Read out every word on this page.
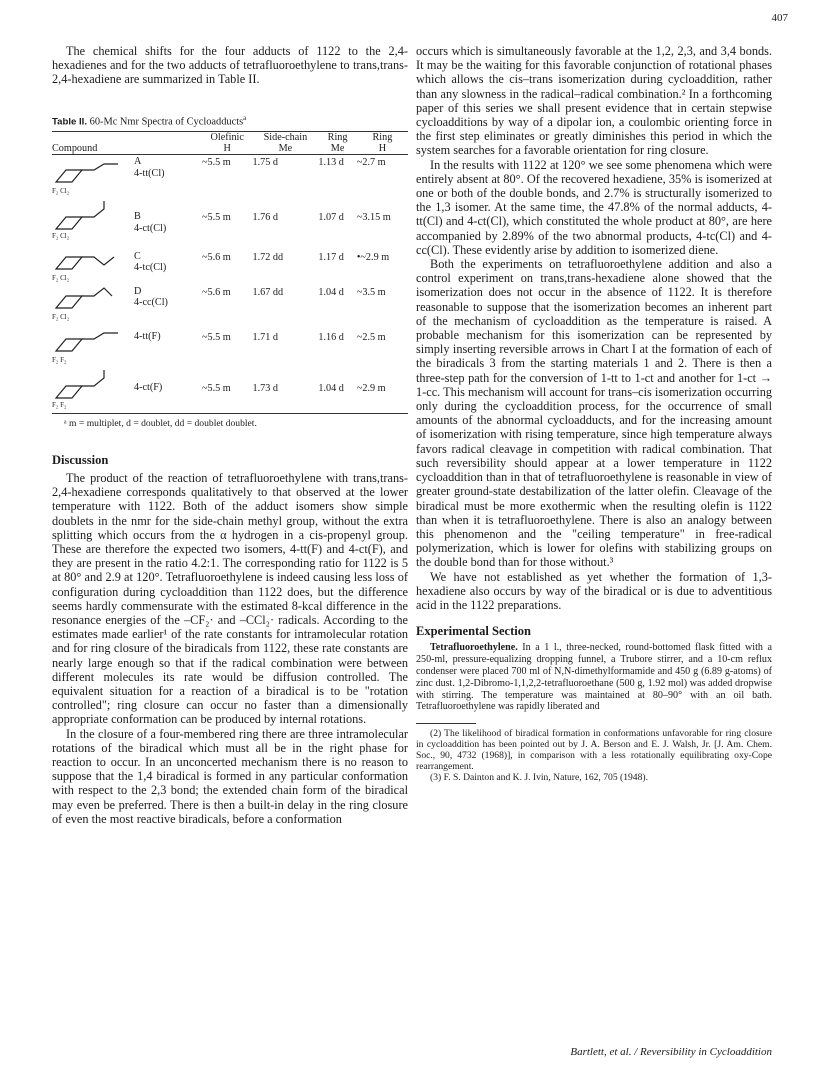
407

The chemical shifts for the four adducts of 1122 to the 2,4-hexadienes and for the two adducts of tetrafluoroethylene to trans,trans-2,4-hexadiene are summarized in Table II.

Table II. 60-Mc Nmr Spectra of Cycloadducts$^a$

Compound	Olefinic	Side-chain	Ring	Ring
	H	Me	Me	H

F₂ Cl₂
A
4-tt(Cl)	~5.5 m	1.75 d	1.13 d	~2.7 m

F₂ Cl₂
B
4-ct(Cl)	~5.5 m	1.76 d	1.07 d	~3.15 m

F₂ Cl₂
C
4-tc(Cl)	~5.6 m	1.72 dd	1.17 d	•~2.9 m

F₂ Cl₂
D
4-cc(Cl)	~5.6 m	1.67 dd	1.04 d	~3.5 m

F₂ F₂
4-tt(F)	~5.5 m	1.71 d	1.16 d	~2.5 m

F₂ F₂
4-ct(F)	~5.5 m	1.73 d	1.04 d	~2.9 m

ᵃ m = multiplet, d = doublet, dd = doublet doublet.
Discussion

The product of the reaction of tetrafluoroethylene with trans,trans-2,4-hexadiene corresponds qualitatively to that observed at the lower temperature with 1122. Both of the adduct isomers show simple doublets in the nmr for the side-chain methyl group, without the extra splitting which occurs from the α hydrogen in a cis-propenyl group. These are therefore the expected two isomers, 4-tt(F) and 4-ct(F), and they are present in the ratio 4.2:1. The corresponding ratio for 1122 is 5 at 80° and 2.9 at 120°. Tetrafluoroethylene is indeed causing less loss of configuration during cycloaddition than 1122 does, but the difference seems hardly commensurate with the estimated 8-kcal difference in the resonance energies of the –CF₂· and –CCl₂· radicals. According to the estimates made earlier¹ of the rate constants for intramolecular rotation and for ring closure of the biradicals from 1122, these rate constants are nearly large enough so that if the radical combination were between different molecules its rate would be diffusion controlled. The equivalent situation for a reaction of a biradical is to be "rotation controlled"; ring closure can occur no faster than a dimensionally appropriate conformation can be produced by internal rotations.

In the closure of a four-membered ring there are three intramolecular rotations of the biradical which must all be in the right phase for reaction to occur. In an unconcerted mechanism there is no reason to suppose that the 1,4 biradical is formed in any particular conformation with respect to the 2,3 bond; the extended chain form of the biradical may even be preferred. There is then a built-in delay in the ring closure of even the most reactive biradicals, before a conformation

occurs which is simultaneously favorable at the 1,2, 2,3, and 3,4 bonds. It may be the waiting for this favorable conjunction of rotational phases which allows the cis–trans isomerization during cycloaddition, rather than any slowness in the radical–radical combination.² In a forthcoming paper of this series we shall present evidence that in certain stepwise cycloadditions by way of a dipolar ion, a coulombic orienting force in the first step eliminates or greatly diminishes this period in which the system searches for a favorable orientation for ring closure.

In the results with 1122 at 120° we see some phenomena which were entirely absent at 80°. Of the recovered hexadiene, 35% is isomerized at one or both of the double bonds, and 2.7% is structurally isomerized to the 1,3 isomer. At the same time, the 47.8% of the normal adducts, 4-tt(Cl) and 4-ct(Cl), which constituted the whole product at 80°, are here accompanied by 2.89% of the two abnormal products, 4-tc(Cl) and 4-cc(Cl). These evidently arise by addition to isomerized diene.

Both the experiments on tetrafluoroethylene addition and also a control experiment on trans,trans-hexadiene alone showed that the isomerization does not occur in the absence of 1122. It is therefore reasonable to suppose that the isomerization becomes an inherent part of the mechanism of cycloaddition as the temperature is raised. A probable mechanism for this isomerization can be represented by simply inserting reversible arrows in Chart I at the formation of each of the biradicals 3 from the starting materials 1 and 2. There is then a three-step path for the conversion of 1-tt to 1-ct and another for 1-ct → 1-cc. This mechanism will account for trans–cis isomerization occurring only during the cycloaddition process, for the occurrence of small amounts of the abnormal cycloadducts, and for the increasing amount of isomerization with rising temperature, since high temperature always favors radical cleavage in competition with radical combination. That such reversibility should appear at a lower temperature in 1122 cycloaddition than in that of tetrafluoroethylene is reasonable in view of greater ground-state destabilization of the latter olefin. Cleavage of the biradical must be more exothermic when the resulting olefin is 1122 than when it is tetrafluoroethylene. There is also an analogy between this phenomenon and the "ceiling temperature" in free-radical polymerization, which is lower for olefins with stabilizing groups on the double bond than for those without.³

We have not established as yet whether the formation of 1,3-hexadiene also occurs by way of the biradical or is due to adventitious acid in the 1122 preparations.

Experimental Section

Tetrafluoroethylene. In a 1 l., three-necked, round-bottomed flask fitted with a 250-ml, pressure-equalizing dropping funnel, a Trubore stirrer, and a 10-cm reflux condenser were placed 700 ml of N,N-dimethylformamide and 450 g (6.89 g-atoms) of zinc dust. 1,2-Dibromo-1,1,2,2-tetrafluoroethane (500 g, 1.92 mol) was added dropwise with stirring. The temperature was maintained at 80–90° with an oil bath. Tetrafluoroethylene was rapidly liberated and

(2) The likelihood of biradical formation in conformations unfavorable for ring closure in cycloaddition has been pointed out by J. A. Berson and E. J. Walsh, Jr. [J. Am. Chem. Soc., 90, 4732 (1968)], in comparison with a less rotationally equilibrating oxy-Cope rearrangement.

(3) F. S. Dainton and K. J. Ivin, Nature, 162, 705 (1948).

Bartlett, et al. / Reversibility in Cycloaddition
